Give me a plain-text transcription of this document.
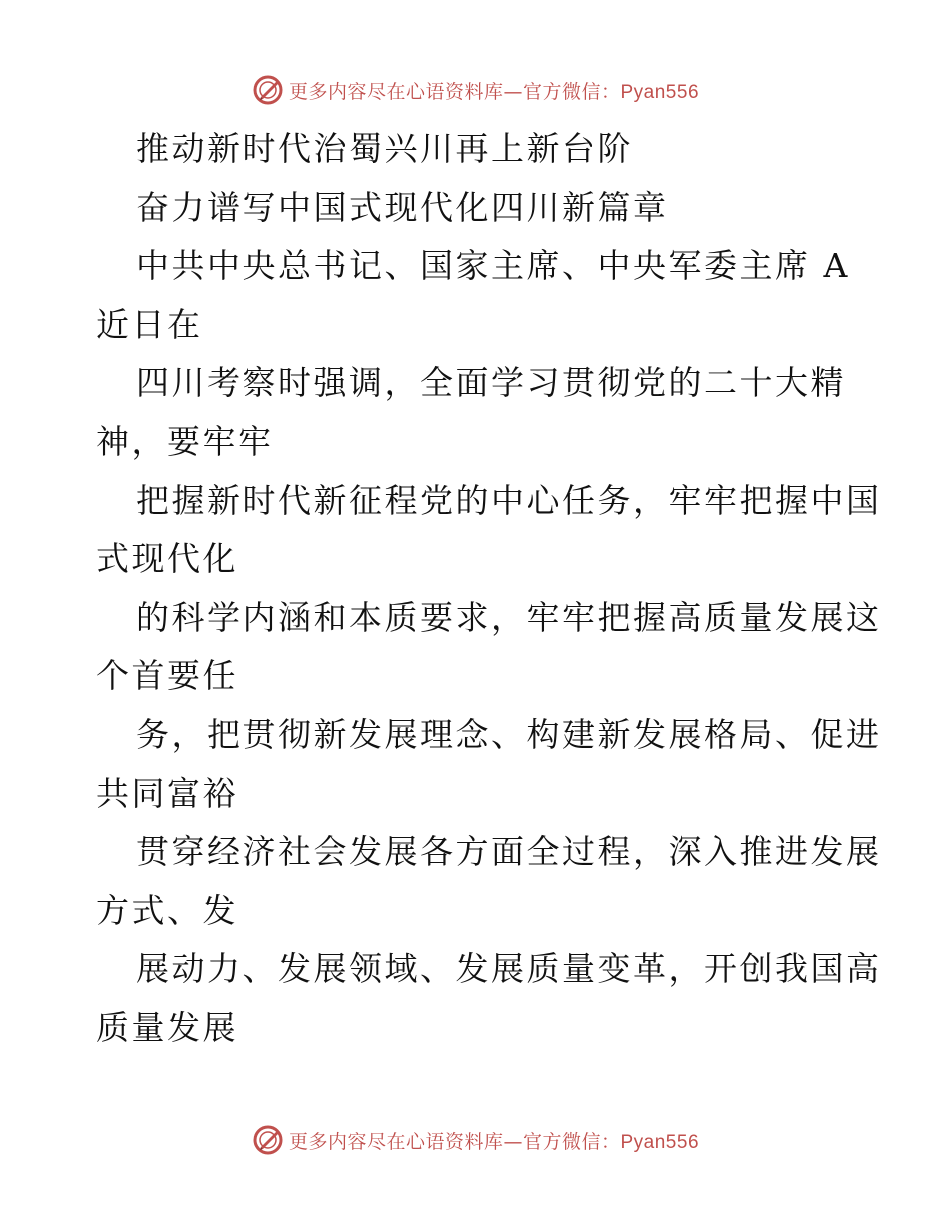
更多内容尽在心语资料库—官方微信：Pyan556
推动新时代治蜀兴川再上新台阶
奋力谱写中国式现代化四川新篇章
中共中央总书记、国家主席、中央军委主席 A
近日在
四川考察时强调，全面学习贯彻党的二十大精
神，要牢牢
把握新时代新征程党的中心任务，牢牢把握中国
式现代化
的科学内涵和本质要求，牢牢把握高质量发展这
个首要任
务，把贯彻新发展理念、构建新发展格局、促进
共同富裕
贯穿经济社会发展各方面全过程，深入推进发展
方式、发
展动力、发展领域、发展质量变革，开创我国高
质量发展
更多内容尽在心语资料库—官方微信：Pyan556
